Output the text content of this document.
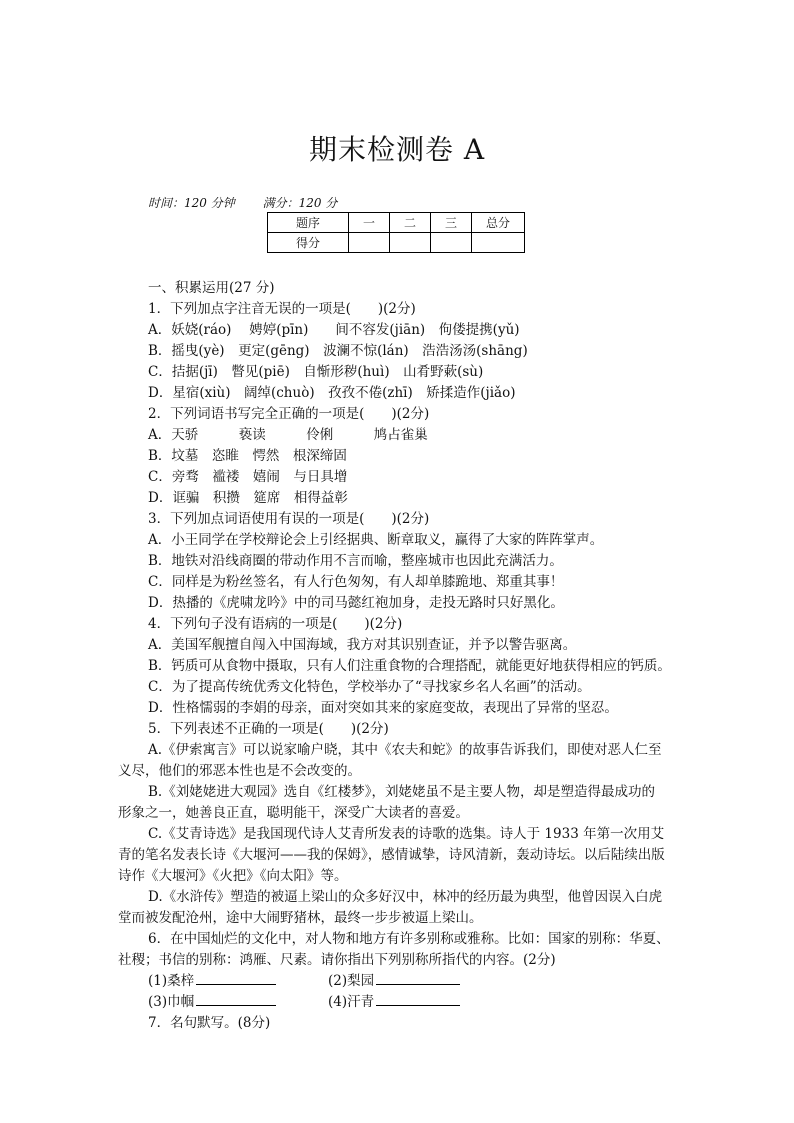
期末检测卷 A
时间：120 分钟 满分：120 分
题序	一	二	三	总分
得分				
一、积累运用(27 分)
1．下列加点字注音无误的一项是(　　)(2分)
A．妖娆(ráo)　 娉婷(pīn)　　间不容发(jiān)　佝偻提携(yǔ)
B．摇曳(yè)　更定(gēng)　波澜不惊(lán)　浩浩汤汤(shāng)
C．拮据(jī)　瞥见(piē)　自惭形秽(huì)　山肴野蔌(sù)
D．星宿(xiù)　阔绰(chuò)　孜孜不倦(zhī)　矫揉造作(jiǎo)
2．下列词语书写完全正确的一项是(　　)(2分)
A．天骄　　　亵读　　　伶俐　　　鸠占雀巢
B．坟墓　恣睢　愕然　根深缔固
C．旁骛　褴褛　嬉闹　与日具增
D．诓骗　积攒　筵席　相得益彰
3．下列加点词语使用有误的一项是(　　)(2分)
A．小王同学在学校辩论会上引经据典、断章取义，赢得了大家的阵阵掌声。
B．地铁对沿线商圈的带动作用不言而喻，整座城市也因此充满活力。
C．同样是为粉丝签名，有人行色匆匆，有人却单膝跪地、郑重其事！
D．热播的《虎啸龙吟》中的司马懿红袍加身，走投无路时只好黑化。
4．下列句子没有语病的一项是(　　)(2分)
A．美国军舰擅自闯入中国海域，我方对其识别查证，并予以警告驱离。
B．钙质可从食物中摄取，只有人们注重食物的合理搭配，就能更好地获得相应的钙质。
C．为了提高传统优秀文化特色，学校举办了“寻找家乡名人名画”的活动。
D．性格懦弱的李娟的母亲，面对突如其来的家庭变故，表现出了异常的坚忍。
5．下列表述不正确的一项是(　　)(2分)
A.《伊索寓言》可以说家喻户晓，其中《农夫和蛇》的故事告诉我们，即使对恶人仁至
义尽，他们的邪恶本性也是不会改变的。
B.《刘姥姥进大观园》选自《红楼梦》，刘姥姥虽不是主要人物，却是塑造得最成功的
形象之一，她善良正直，聪明能干，深受广大读者的喜爱。
C.《艾青诗选》是我国现代诗人艾青所发表的诗歌的选集。诗人于 1933 年第一次用艾
青的笔名发表长诗《大堰河——我的保姆》，感情诚挚，诗风清新，轰动诗坛。以后陆续出版
诗作《大堰河》《火把》《向太阳》等。
D.《水浒传》塑造的被逼上梁山的众多好汉中，林冲的经历最为典型，他曾因误入白虎
堂而被发配沧州，途中大闹野猪林，最终一步步被逼上梁山。
6．在中国灿烂的文化中，对人物和地方有许多别称或雅称。比如：国家的别称：华夏、
社稷；书信的别称：鸿雁、尺素。请你指出下列别称所指代的内容。(2分)
(1)桑梓	(2)梨园
(3)巾帼	(4)汗青
7．名句默写。(8分)
